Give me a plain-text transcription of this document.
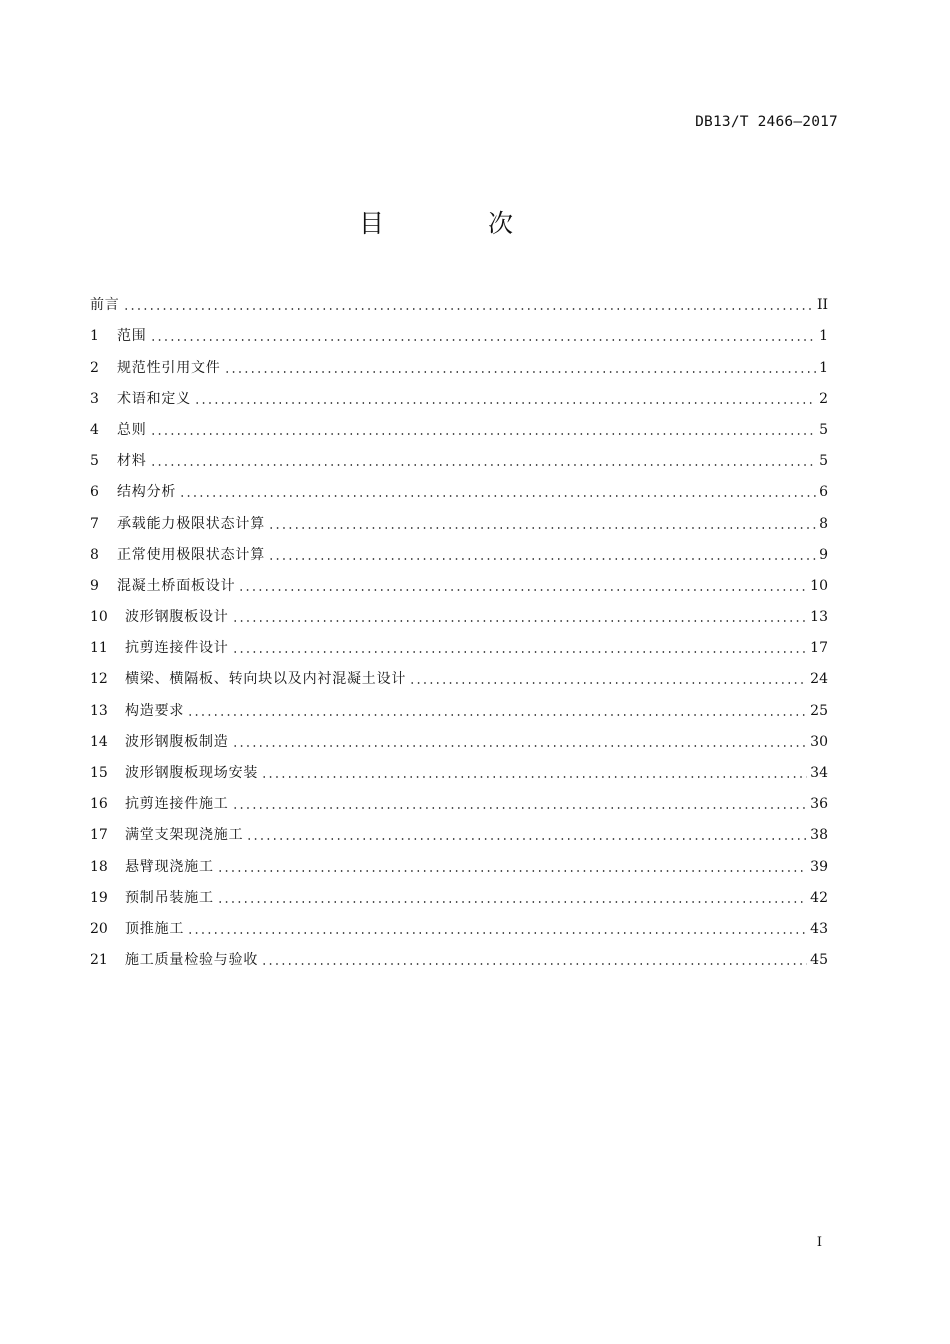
DB13/T 2466—2017
目 次
前言	II
1	范围	1
2	规范性引用文件	1
3	术语和定义	2
4	总则	5
5	材料	5
6	结构分析	6
7	承载能力极限状态计算	8
8	正常使用极限状态计算	9
9	混凝土桥面板设计	10
10	波形钢腹板设计	13
11	抗剪连接件设计	17
12	横梁、横隔板、转向块以及内衬混凝土设计	24
13	构造要求	25
14	波形钢腹板制造	30
15	波形钢腹板现场安装	34
16	抗剪连接件施工	36
17	满堂支架现浇施工	38
18	悬臂现浇施工	39
19	预制吊装施工	42
20	顶推施工	43
21	施工质量检验与验收	45
I
